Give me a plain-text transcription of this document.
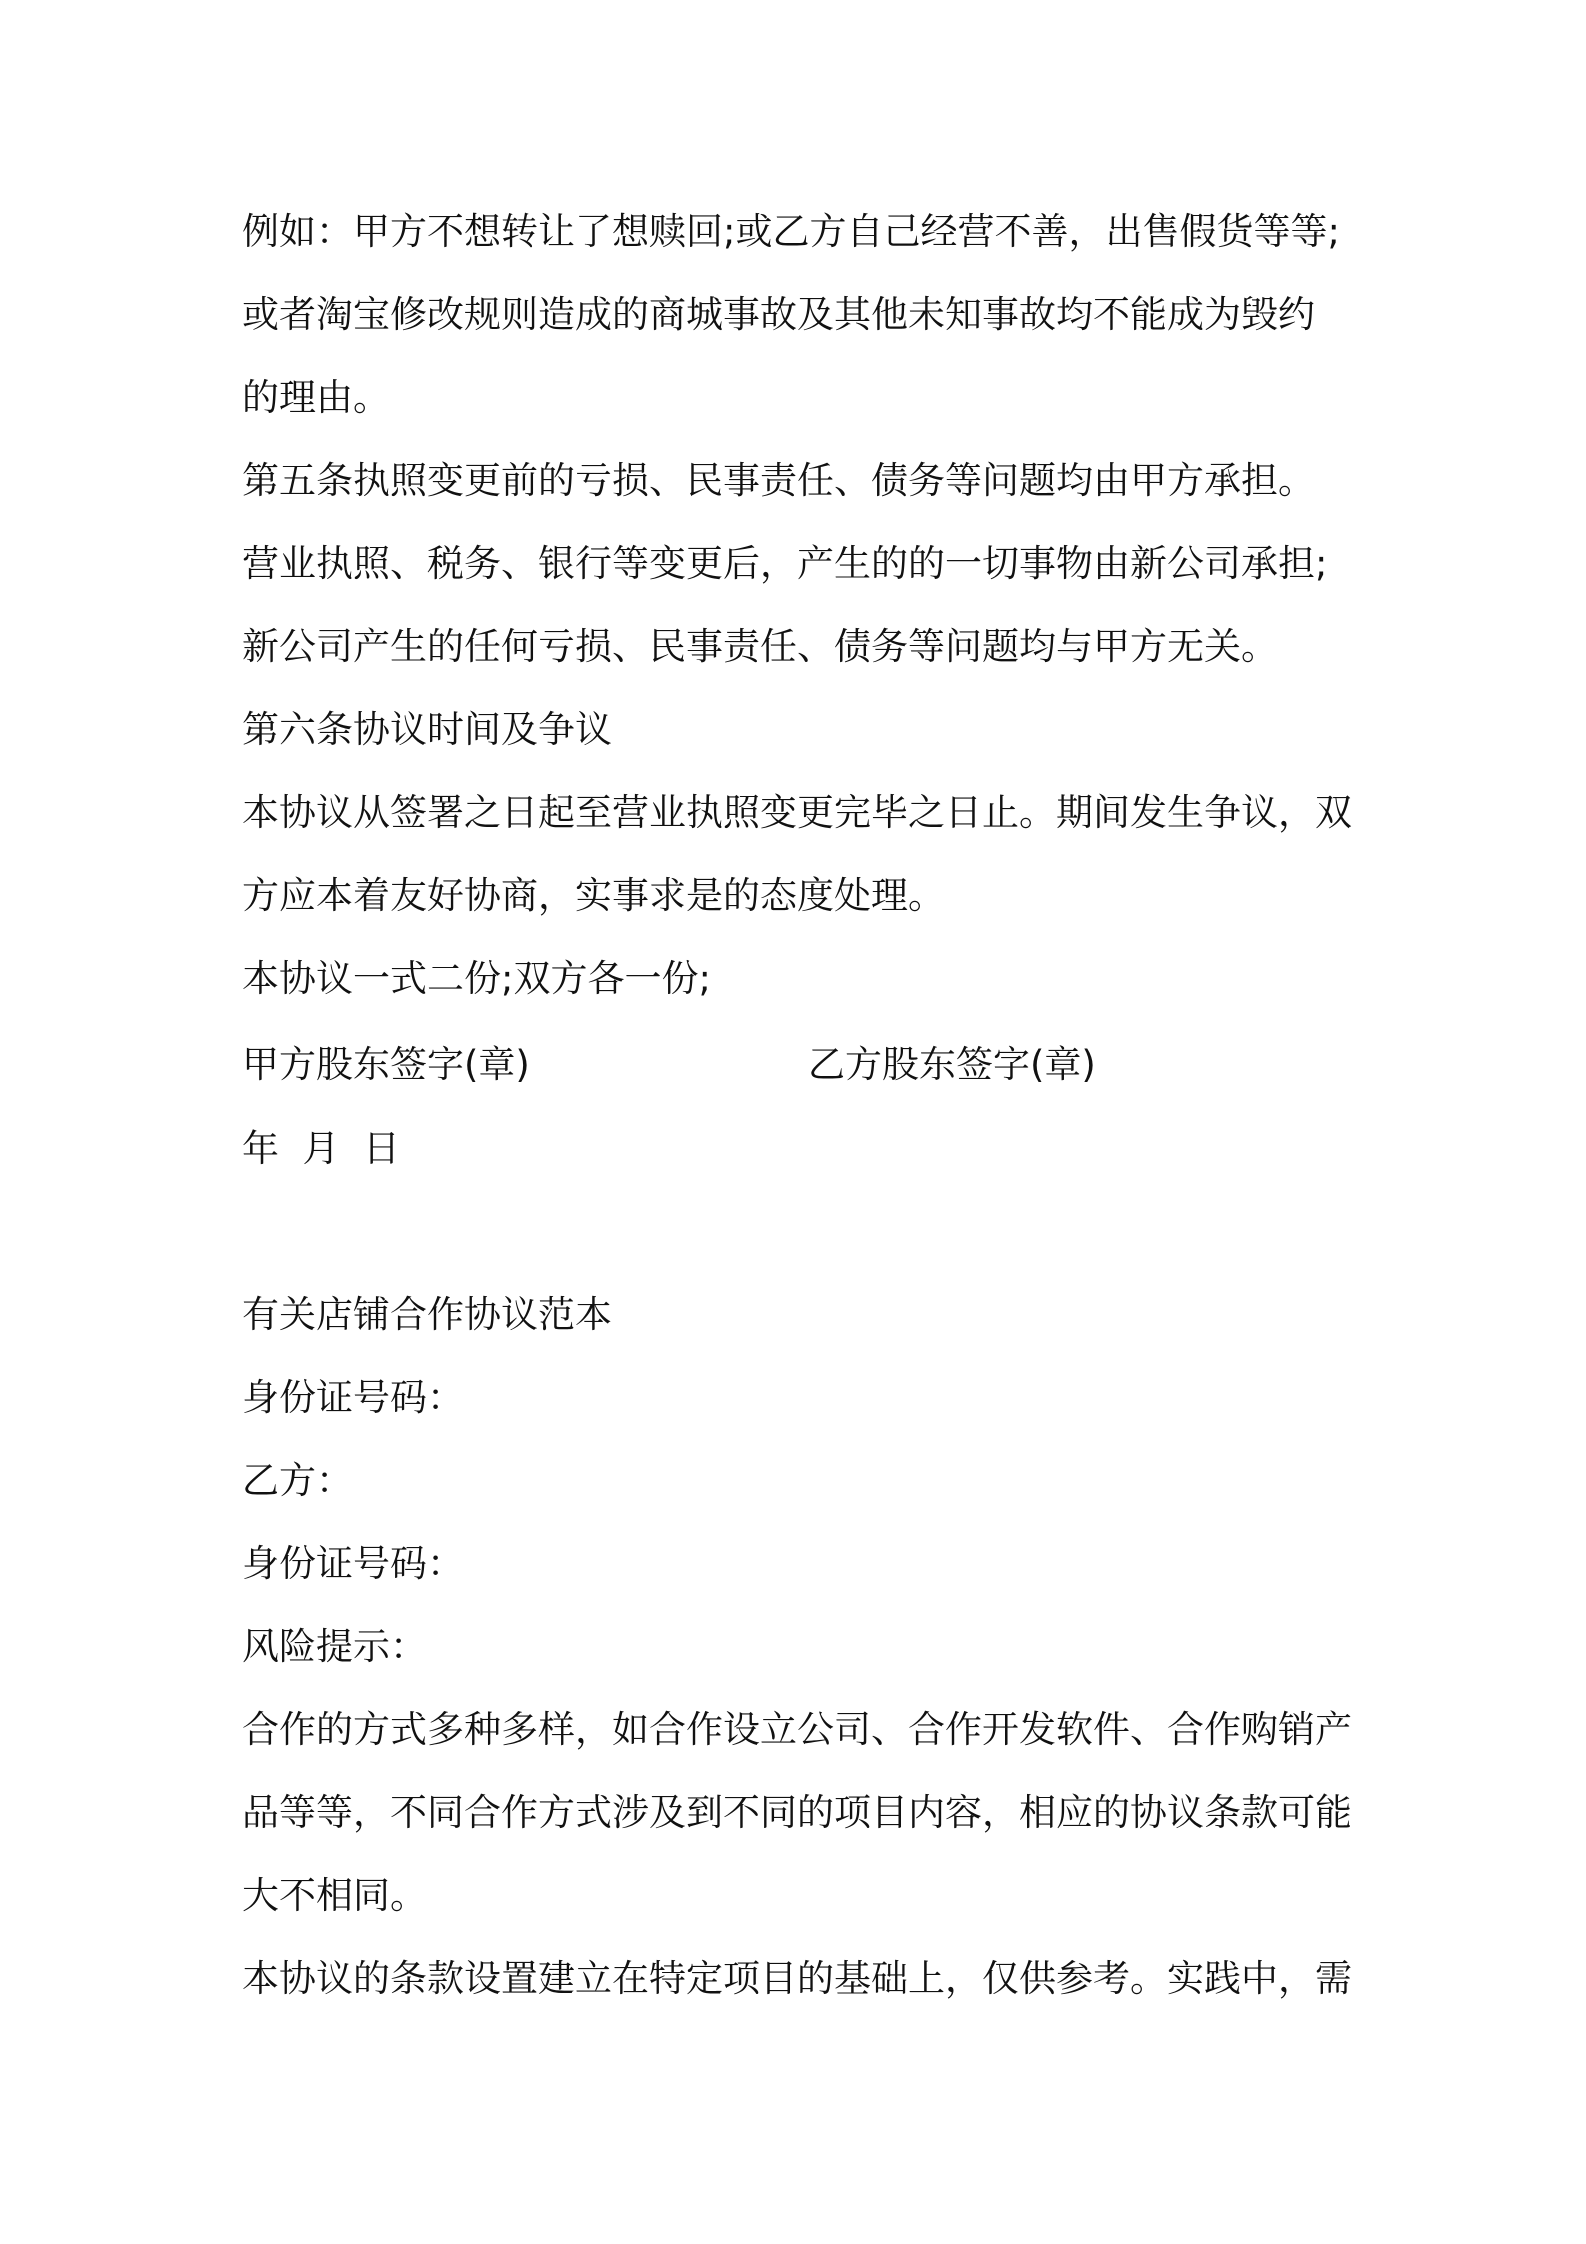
例如：甲方不想转让了想赎回;或乙方自己经营不善，出售假货等等;
或者淘宝修改规则造成的商城事故及其他未知事故均不能成为毁约
的理由。
第五条执照变更前的亏损、民事责任、债务等问题均由甲方承担。
营业执照、税务、银行等变更后，产生的的一切事物由新公司承担;
新公司产生的任何亏损、民事责任、债务等问题均与甲方无关。
第六条协议时间及争议
本协议从签署之日起至营业执照变更完毕之日止。期间发生争议，双
方应本着友好协商，实事求是的态度处理。
本协议一式二份;双方各一份;
甲方股东签字(章)	乙方股东签字(章)
年  月  日
有关店铺合作协议范本
身份证号码：
乙方：
身份证号码：
风险提示：
合作的方式多种多样，如合作设立公司、合作开发软件、合作购销产
品等等，不同合作方式涉及到不同的项目内容，相应的协议条款可能
大不相同。
本协议的条款设置建立在特定项目的基础上，仅供参考。实践中，需
